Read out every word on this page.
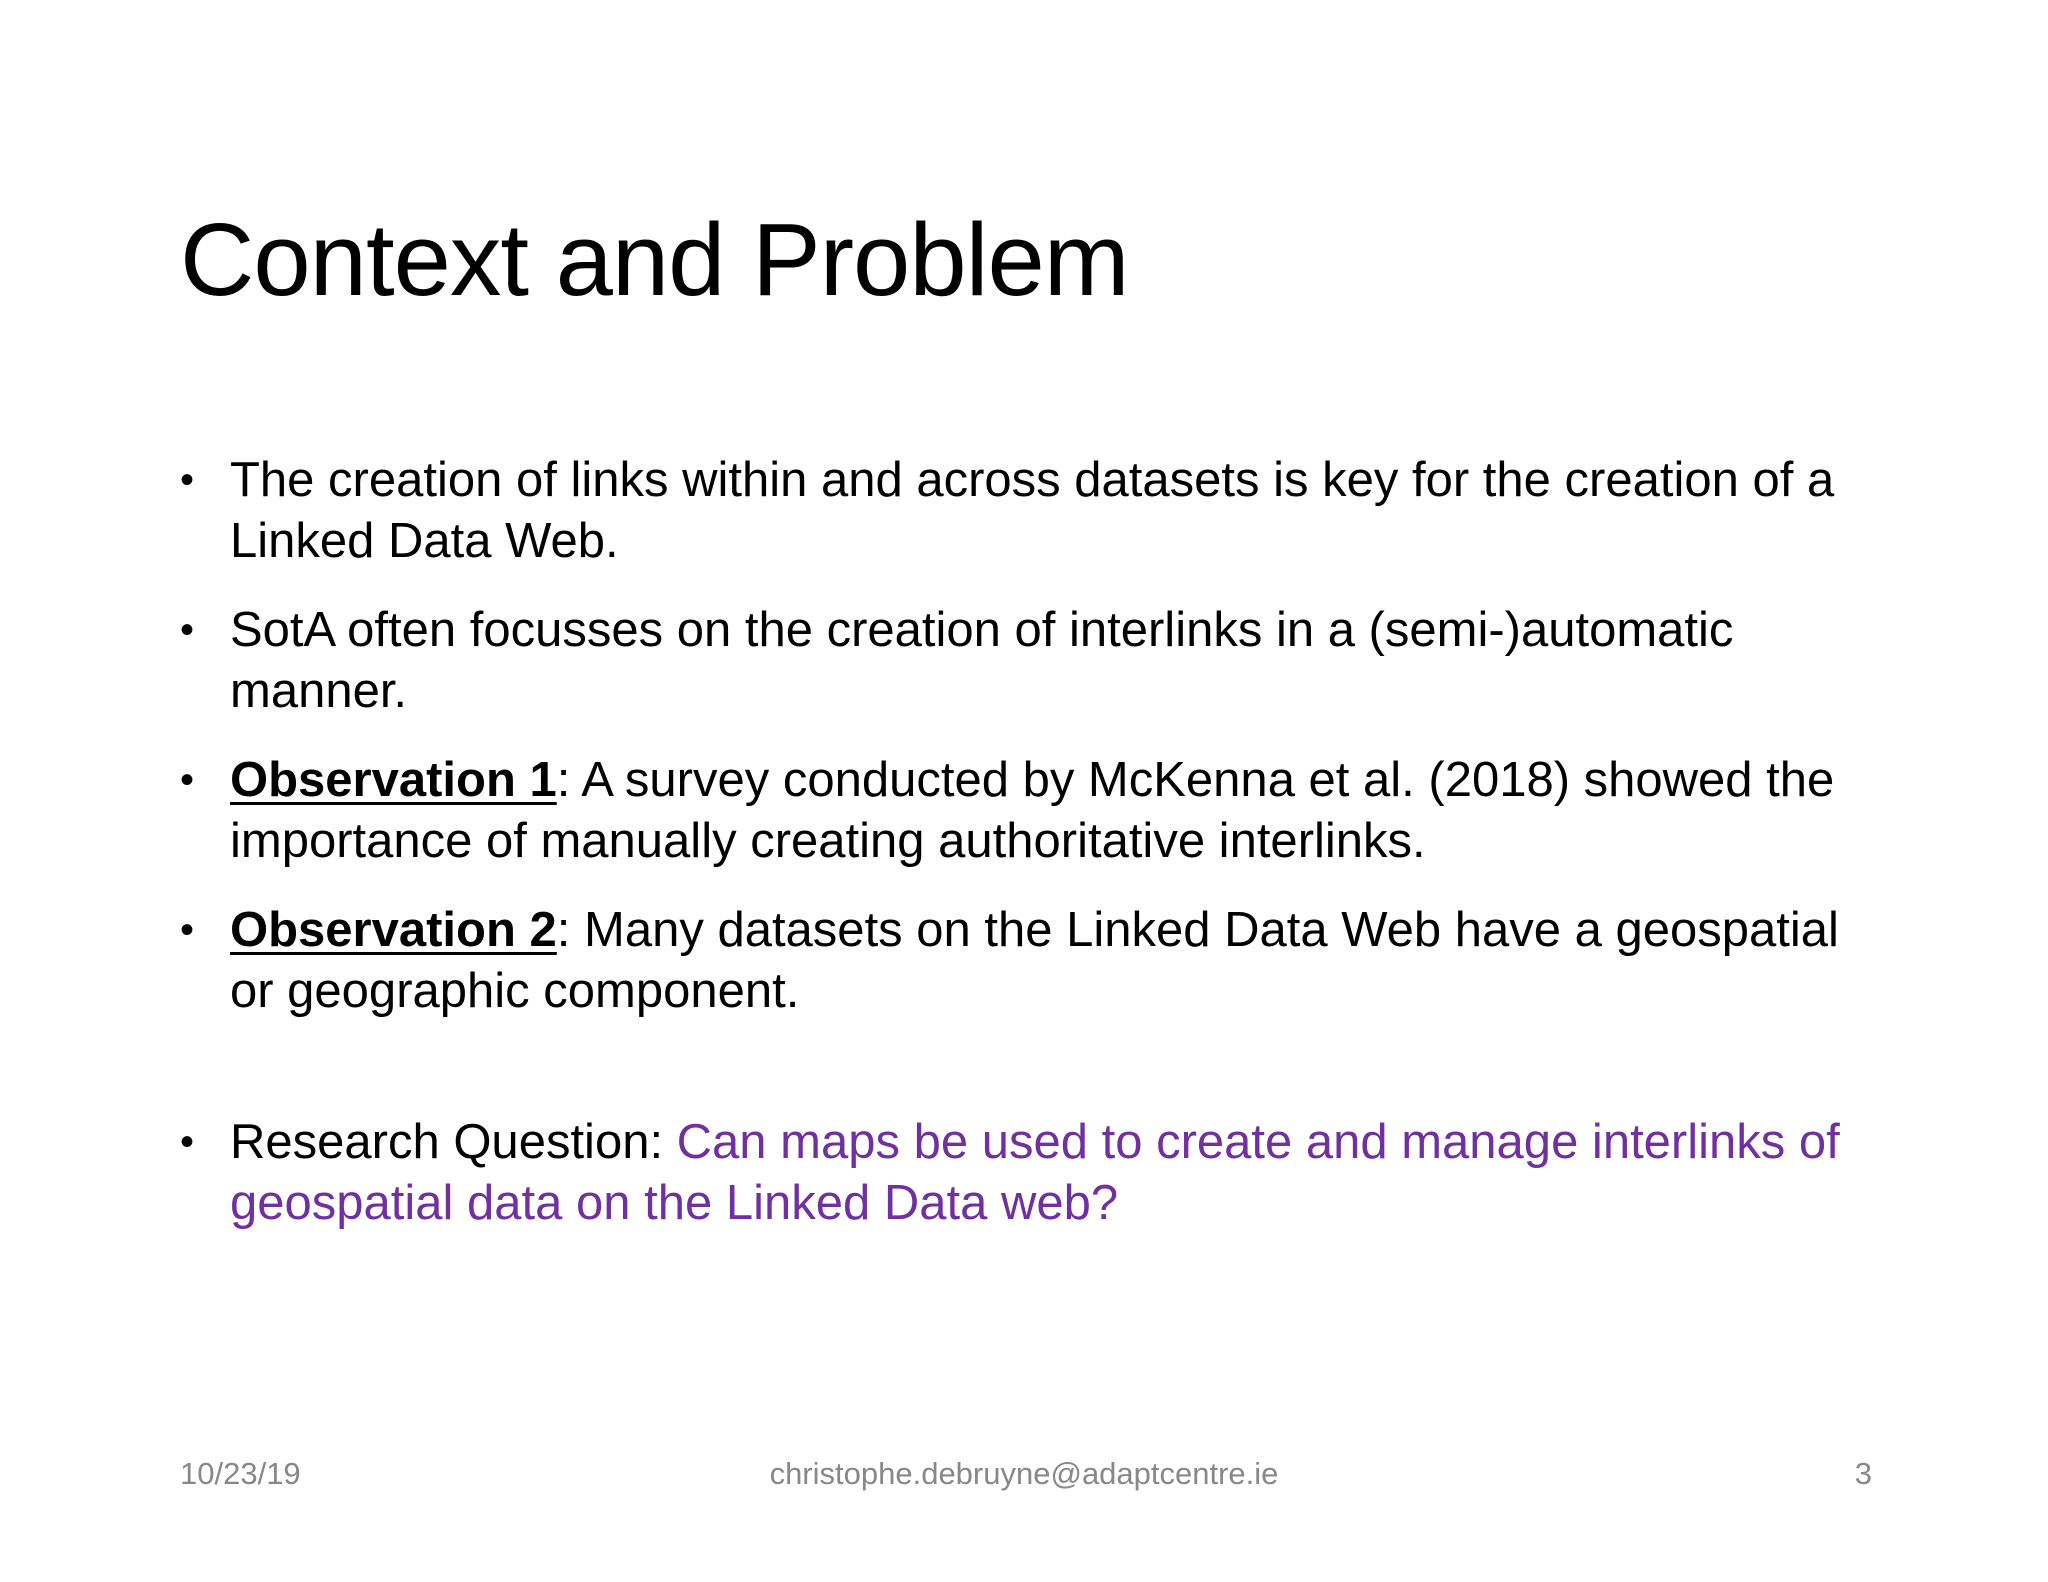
Context and Problem
• The creation of links within and across datasets is key for the creation of a Linked Data Web.
• SotA often focusses on the creation of interlinks in a (semi-)automatic manner.
• Observation 1: A survey conducted by McKenna et al. (2018) showed the importance of manually creating authoritative interlinks.
• Observation 2: Many datasets on the Linked Data Web have a geospatial or geographic component.
• Research Question: Can maps be used to create and manage interlinks of geospatial data on the Linked Data web?
10/23/19	christophe.debruyne@adaptcentre.ie	3
